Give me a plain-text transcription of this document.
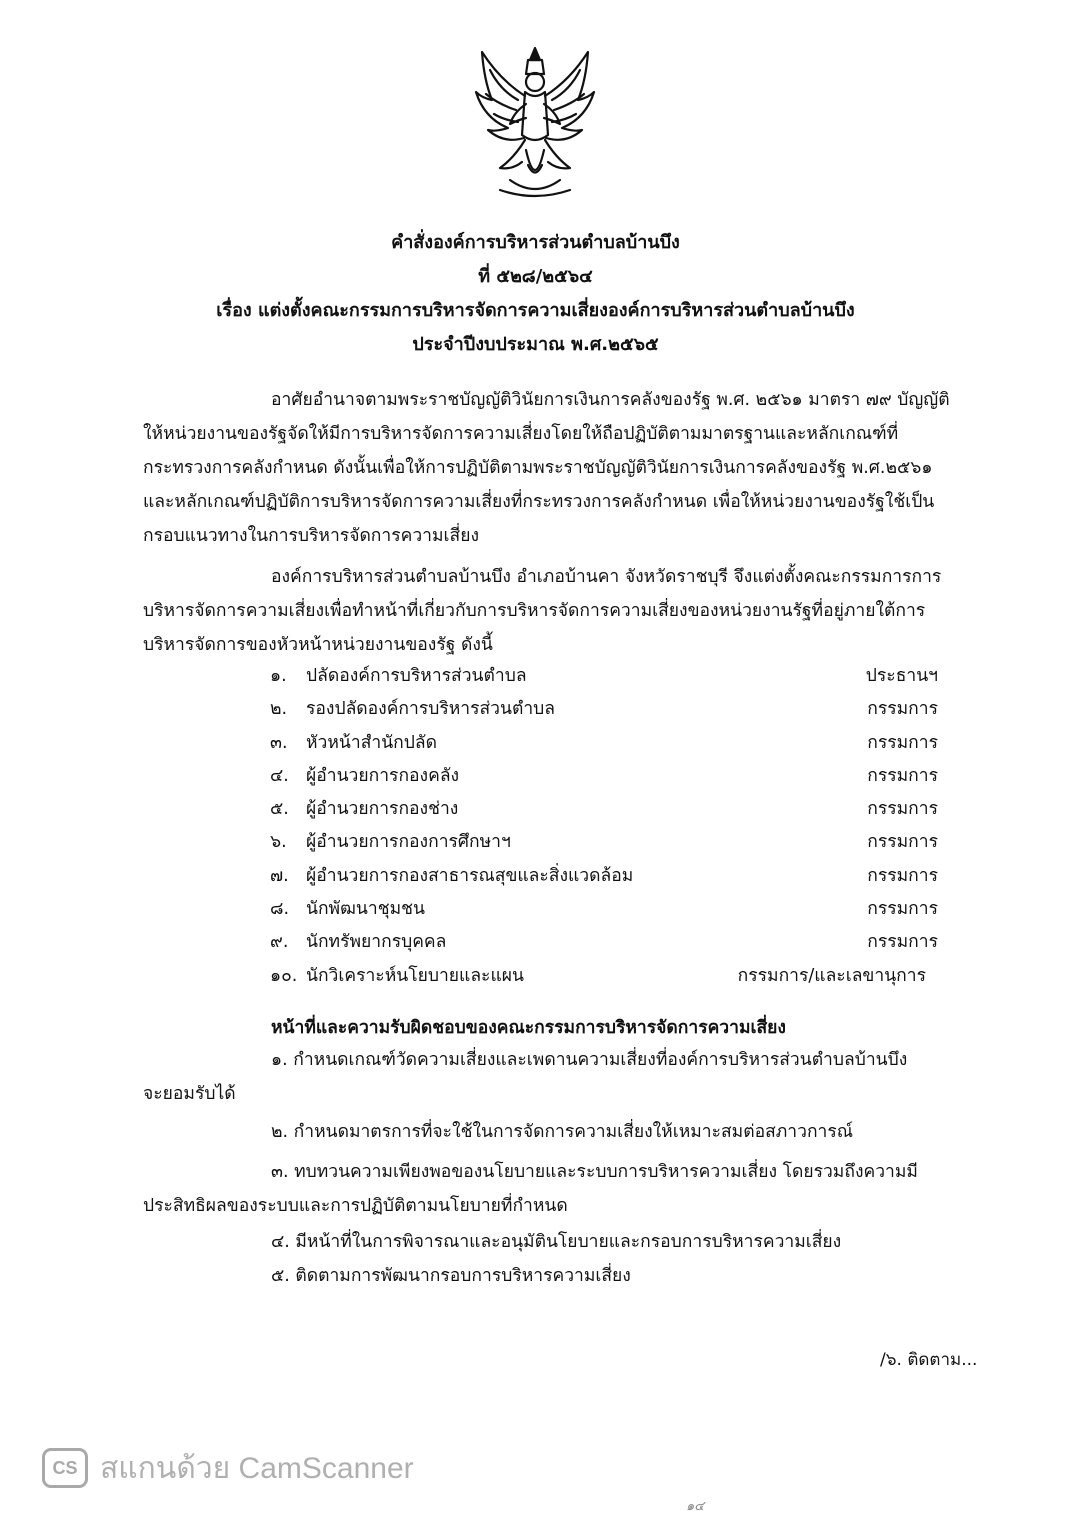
คำสั่งองค์การบริหารส่วนตำบลบ้านบึง
ที่ ๕๒๘/๒๕๖๔
เรื่อง แต่งตั้งคณะกรรมการบริหารจัดการความเสี่ยงองค์การบริหารส่วนตำบลบ้านบึง
ประจำปีงบประมาณ พ.ศ.๒๕๖๕
อาศัยอำนาจตามพระราชบัญญัติวินัยการเงินการคลังของรัฐ พ.ศ. ๒๕๖๑ มาตรา ๗๙ บัญญัติ
ให้หน่วยงานของรัฐจัดให้มีการบริหารจัดการความเสี่ยงโดยให้ถือปฏิบัติตามมาตรฐานและหลักเกณฑ์ที่
กระทรวงการคลังกำหนด ดังนั้นเพื่อให้การปฏิบัติตามพระราชบัญญัติวินัยการเงินการคลังของรัฐ พ.ศ.๒๕๖๑
และหลักเกณฑ์ปฏิบัติการบริหารจัดการความเสี่ยงที่กระทรวงการคลังกำหนด เพื่อให้หน่วยงานของรัฐใช้เป็น
กรอบแนวทางในการบริหารจัดการความเสี่ยง
องค์การบริหารส่วนตำบลบ้านบึง อำเภอบ้านคา จังหวัดราชบุรี จึงแต่งตั้งคณะกรรมการการ
บริหารจัดการความเสี่ยงเพื่อทำหน้าที่เกี่ยวกับการบริหารจัดการความเสี่ยงของหน่วยงานรัฐที่อยู่ภายใต้การ
บริหารจัดการของหัวหน้าหน่วยงานของรัฐ ดังนี้
๑. ปลัดองค์การบริหารส่วนตำบล	ประธานฯ
๒. รองปลัดองค์การบริหารส่วนตำบล	กรรมการ
๓. หัวหน้าสำนักปลัด	กรรมการ
๔. ผู้อำนวยการกองคลัง	กรรมการ
๕. ผู้อำนวยการกองช่าง	กรรมการ
๖. ผู้อำนวยการกองการศึกษาฯ	กรรมการ
๗. ผู้อำนวยการกองสาธารณสุขและสิ่งแวดล้อม	กรรมการ
๘. นักพัฒนาชุมชน	กรรมการ
๙. นักทรัพยากรบุคคล	กรรมการ
๑๐. นักวิเคราะห์นโยบายและแผน	กรรมการ/และเลขานุการ
หน้าที่และความรับผิดชอบของคณะกรรมการบริหารจัดการความเสี่ยง
๑. กำหนดเกณฑ์วัดความเสี่ยงและเพดานความเสี่ยงที่องค์การบริหารส่วนตำบลบ้านบึง
จะยอมรับได้
๒. กำหนดมาตรการที่จะใช้ในการจัดการความเสี่ยงให้เหมาะสมต่อสภาวการณ์
๓. ทบทวนความเพียงพอของนโยบายและระบบการบริหารความเสี่ยง โดยรวมถึงความมี
ประสิทธิผลของระบบและการปฏิบัติตามนโยบายที่กำหนด
๔. มีหน้าที่ในการพิจารณาและอนุมัตินโยบายและกรอบการบริหารความเสี่ยง
๕. ติดตามการพัฒนากรอบการบริหารความเสี่ยง
/๖. ติดตาม...
CS สแกนด้วย CamScanner
๑๔
